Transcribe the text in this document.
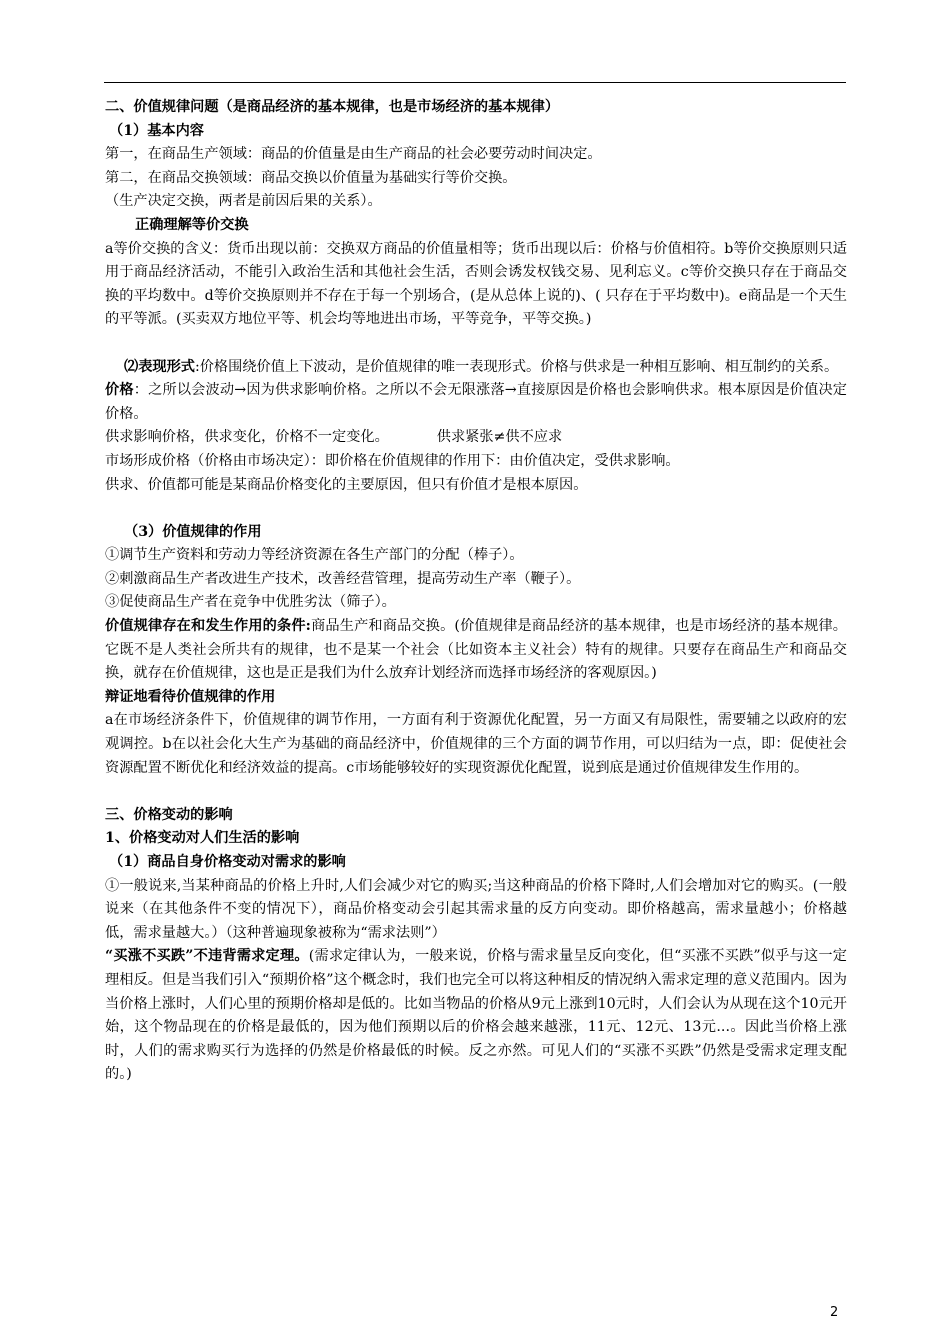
二、价值规律问题（是商品经济的基本规律，也是市场经济的基本规律）

（1）基本内容

第一，在商品生产领域：商品的价值量是由生产商品的社会必要劳动时间决定。

第二，在商品交换领域：商品交换以价值量为基础实行等价交换。

（生产决定交换，两者是前因后果的关系）。

正确理解等价交换

a等价交换的含义：货币出现以前：交换双方商品的价值量相等；货币出现以后：价格与价值相符。b等价交换原则只适用于商品经济活动，不能引入政治生活和其他社会生活，否则会诱发权钱交易、见利忘义。c等价交换只存在于商品交换的平均数中。d等价交换原则并不存在于每一个别场合，(是从总体上说的)、( 只存在于平均数中)。e商品是一个天生的平等派。(买卖双方地位平等、机会均等地进出市场，平等竞争，平等交换。)

⑵表现形式:价格围绕价值上下波动，是价值规律的唯一表现形式。价格与供求是一种相互影响、相互制约的关系。

价格：之所以会波动→因为供求影响价格。之所以不会无限涨落→直接原因是价格也会影响供求。根本原因是价值决定价格。

供求影响价格，供求变化，价格不一定变化。	供求紧张≠供不应求

市场形成价格（价格由市场决定）：即价格在价值规律的作用下：由价值决定，受供求影响。

供求、价值都可能是某商品价格变化的主要原因，但只有价值才是根本原因。

（3）价值规律的作用

①调节生产资料和劳动力等经济资源在各生产部门的分配（棒子）。

②刺激商品生产者改进生产技术，改善经营管理，提高劳动生产率（鞭子）。

③促使商品生产者在竞争中优胜劣汰（筛子）。

价值规律存在和发生作用的条件:商品生产和商品交换。(价值规律是商品经济的基本规律，也是市场经济的基本规律。它既不是人类社会所共有的规律，也不是某一个社会（比如资本主义社会）特有的规律。只要存在商品生产和商品交换，就存在价值规律，这也是正是我们为什么放弃计划经济而选择市场经济的客观原因。)

辩证地看待价值规律的作用

a在市场经济条件下，价值规律的调节作用，一方面有利于资源优化配置，另一方面又有局限性，需要辅之以政府的宏观调控。b在以社会化大生产为基础的商品经济中，价值规律的三个方面的调节作用，可以归结为一点，即：促使社会资源配置不断优化和经济效益的提高。c市场能够较好的实现资源优化配置，说到底是通过价值规律发生作用的。

三、价格变动的影响

1、价格变动对人们生活的影响

（1）商品自身价格变动对需求的影响

①一般说来,当某种商品的价格上升时,人们会减少对它的购买;当这种商品的价格下降时,人们会增加对它的购买。(一般说来（在其他条件不变的情况下），商品价格变动会引起其需求量的反方向变动。即价格越高，需求量越小；价格越低，需求量越大。）（这种普遍现象被称为“需求法则”）

“买涨不买跌”不违背需求定理。(需求定律认为，一般来说，价格与需求量呈反向变化，但“买涨不买跌”似乎与这一定理相反。但是当我们引入“预期价格”这个概念时，我们也完全可以将这种相反的情况纳入需求定理的意义范围内。因为当价格上涨时，人们心里的预期价格却是低的。比如当物品的价格从9元上涨到10元时，人们会认为从现在这个10元开始，这个物品现在的价格是最低的，因为他们预期以后的价格会越来越涨，11元、12元、13元...。因此当价格上涨时，人们的需求购买行为选择的仍然是价格最低的时候。反之亦然。可见人们的“买涨不买跌”仍然是受需求定理支配的。)

2
